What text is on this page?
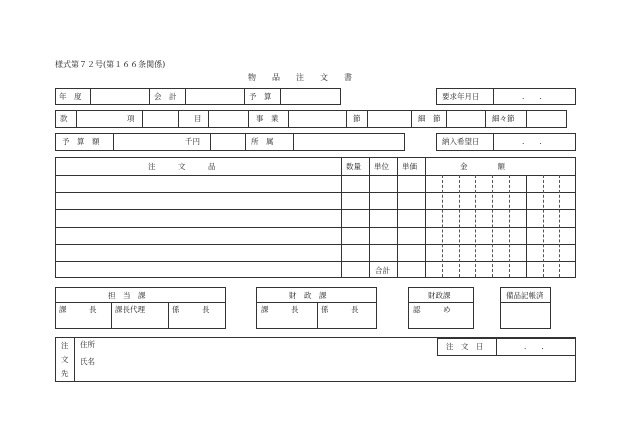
様式第７２号(第１６６条関係)
物　　品　　注　　文　　書
年　度	会　計	予　算	要求年月日	.　　.
款	項	目	事　業	節	細　節	細々節
予　算　額	千円	所　属	納入希望日	.　　.
注　　　文　　　品	数量 単位 単価	金　　　　額
合計
担　当　課
課　　　長 課長代理	係　　　長
財　政　課
課　　　長	係　　　長
財政課
認　　　め
備品記帳済
注
文
先
住所
氏名
注　文　日	.　　.
